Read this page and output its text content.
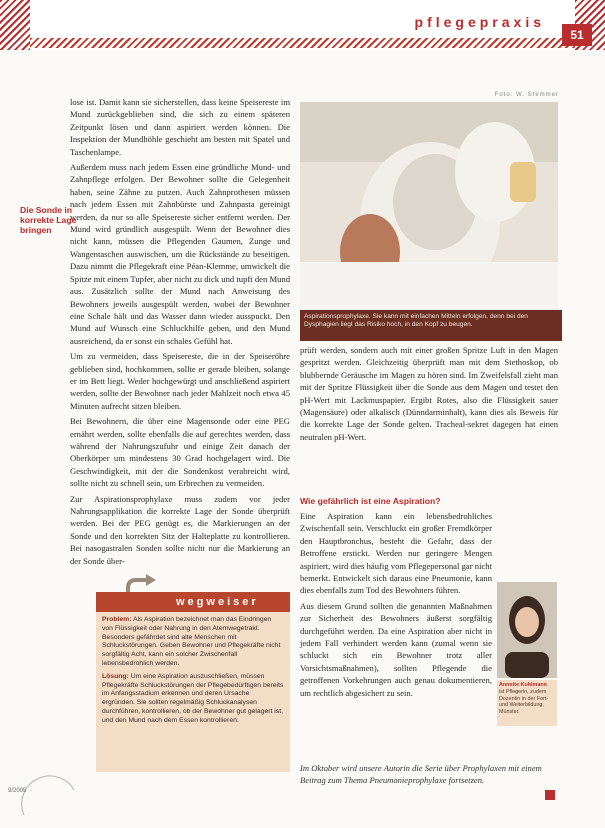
pflegepraxis
51
Die Sonde in korrekte Lage bringen

lose ist. Damit kann sie sicherstellen, dass keine Speisereste im Mund zurückgeblieben sind, die sich zu einem späteren Zeitpunkt lösen und dann aspiriert werden können. Die Inspektion der Mundhöhle geschieht am besten mit Spatel und Taschenlampe.

Außerdem muss nach jedem Essen eine gründliche Mund- und Zahnpflege erfolgen. Der Bewohner sollte die Gelegenheit haben, seine Zähne zu putzen. Auch Zahnprothesen müssen nach jedem Essen mit Zahnbürste und Zahnpasta gereinigt werden, da nur so alle Speisereste sicher entfernt werden. Der Mund wird gründlich ausgespült. Wenn der Bewohner dies nicht kann, müssen die Pflegenden Gaumen, Zunge und Wangentaschen auswischen, um die Rückstände zu beseitigen. Dazu nimmt die Pflegekraft eine Péan-Klemme, umwickelt die Spitze mit einem Tupfer, aber nicht zu dick und tupft den Mund aus. Zusätzlich sollte der Mund nach Anweisung des Bewohners jeweils ausgespült werden, wobei der Bewohner eine Schale hält und das Wasser dann wieder ausspuckt. Den Mund auf Wunsch eine Schluckhilfe geben, und den Mund ausreichend, da er sonst ein schales Gefühl hat.

Um zu vermeiden, dass Speisereste, die in der Speiseröhre geblieben sind, hochkommen, sollte er gerade bleiben, solange er im Bett liegt. Weder hochgewürgt und anschließend aspiriert werden, sollte der Bewohner nach jeder Mahlzeit noch etwa 45 Minuten aufrecht sitzen bleiben.

Bei Bewohnern, die über eine Magensonde oder eine PEG ernährt werden, sollte ebenfalls die auf gerechtes werden, dass während der Nahrungszufuhr und einige Zeit danach der Oberkörper um mindestens 30 Grad hochgelagert wird. Die Geschwindigkeit, mit der die Sondenkost verabreicht wird, sollte nicht zu schnell sein, um Erbrechen zu vermeiden.

Zur Aspirationsprophylaxe muss zudem vor jeder Nahrungsapplikation die korrekte Lage der Sonde überprüft werden. Bei der PEG genügt es, die Markierungen an der Sonde und den korrekten Sitz der Halteplatte zu kontrollieren. Bei nasogastralen Sonden sollte nicht nur die Markierung an der Sonde über-

Foto: W. Stemmer
Aspirationsprophylaxe. Sie kann mit einfachen Mitteln erfolgen, denn bei den Dysphagien liegt das Risiko hoch, in den Kopf zu beugen.

prüft werden, sondern auch mit einer großen Spritze Luft in den Magen gespritzt werden. Gleichzeitig überprüft man mit dem Stethoskop, ob blubbernde Geräusche im Magen zu hören sind. Im Zweifelsfall zieht man mit der Spritze Flüssigkeit über die Sonde aus dem Magen und testet den pH-Wert mit Lackmuspapier. Ergibt Rotes, also die Flüssigkeit sauer (Magensäure) oder alkalisch (Dünndarminhalt), kann dies als Beweis für die korrekte Lage der Sonde gelten. Tracheal-sekret dagegen hat einen neutralen pH-Wert.

Wie gefährlich ist eine Aspiration?

Eine Aspiration kann ein lebensbedrohliches Zwischenfall sein. Verschluckt ein großer Fremdkörper den Hauptbronchus, besteht die Gefahr, dass der Betroffene erstickt. Werden nur geringere Mengen aspiriert, wird dies häufig vom Pflegepersonal gar nicht bemerkt. Entwickelt sich daraus eine Pneumonie, kann dies ebenfalls zum Tod des Bewohners führen.

Aus diesem Grund sollten die genannten Maßnahmen zur Sicherheit des Bewohners äußerst sorgfältig durchgeführt werden. Da eine Aspiration aber nicht in jedem Fall verhindert werden kann (zumal wenn sie schluckt sich ein Bewohner trotz aller Vorsichtsmaßnahmen), sollten Pflegende die getroffenen Vorkehrungen auch genau dokumentieren, um rechtlich abgesichert zu sein.

Annette Kuhlmann
ist Pflegerin, zudem Dozentin in der Fort- und Weiterbildung, Münster.
wegweiser

Problem: Als Aspiration bezeichnet man das Eindringen von Flüssigkeit oder Nahrung in den Atemwegetrakt. Besonders gefährdet sind alte Menschen mit Schluckstörungen. Geben Bewohner und Pflegekräfte nicht sorgfältig Acht, kann ein solcher Zwischenfall lebensbedrohlich werden.

Lösung: Um eine Aspiration auszuschließen, müssen Pflegekräfte Schluckstörungen der Pflegebedürftigen bereits im Anfangsstadium erkennen und deren Ursache ergründen. Sie sollten regelmäßig Schluckanalysen durchführen, kontrollieren, ob der Bewohner gut gelagert ist, und den Mund nach dem Essen kontrollieren.

Im Oktober wird unsere Autorin die Serie über Prophylaxen mit einem Beitrag zum Thema Pneumonieprophylaxe fortsetzen.
9/2005
